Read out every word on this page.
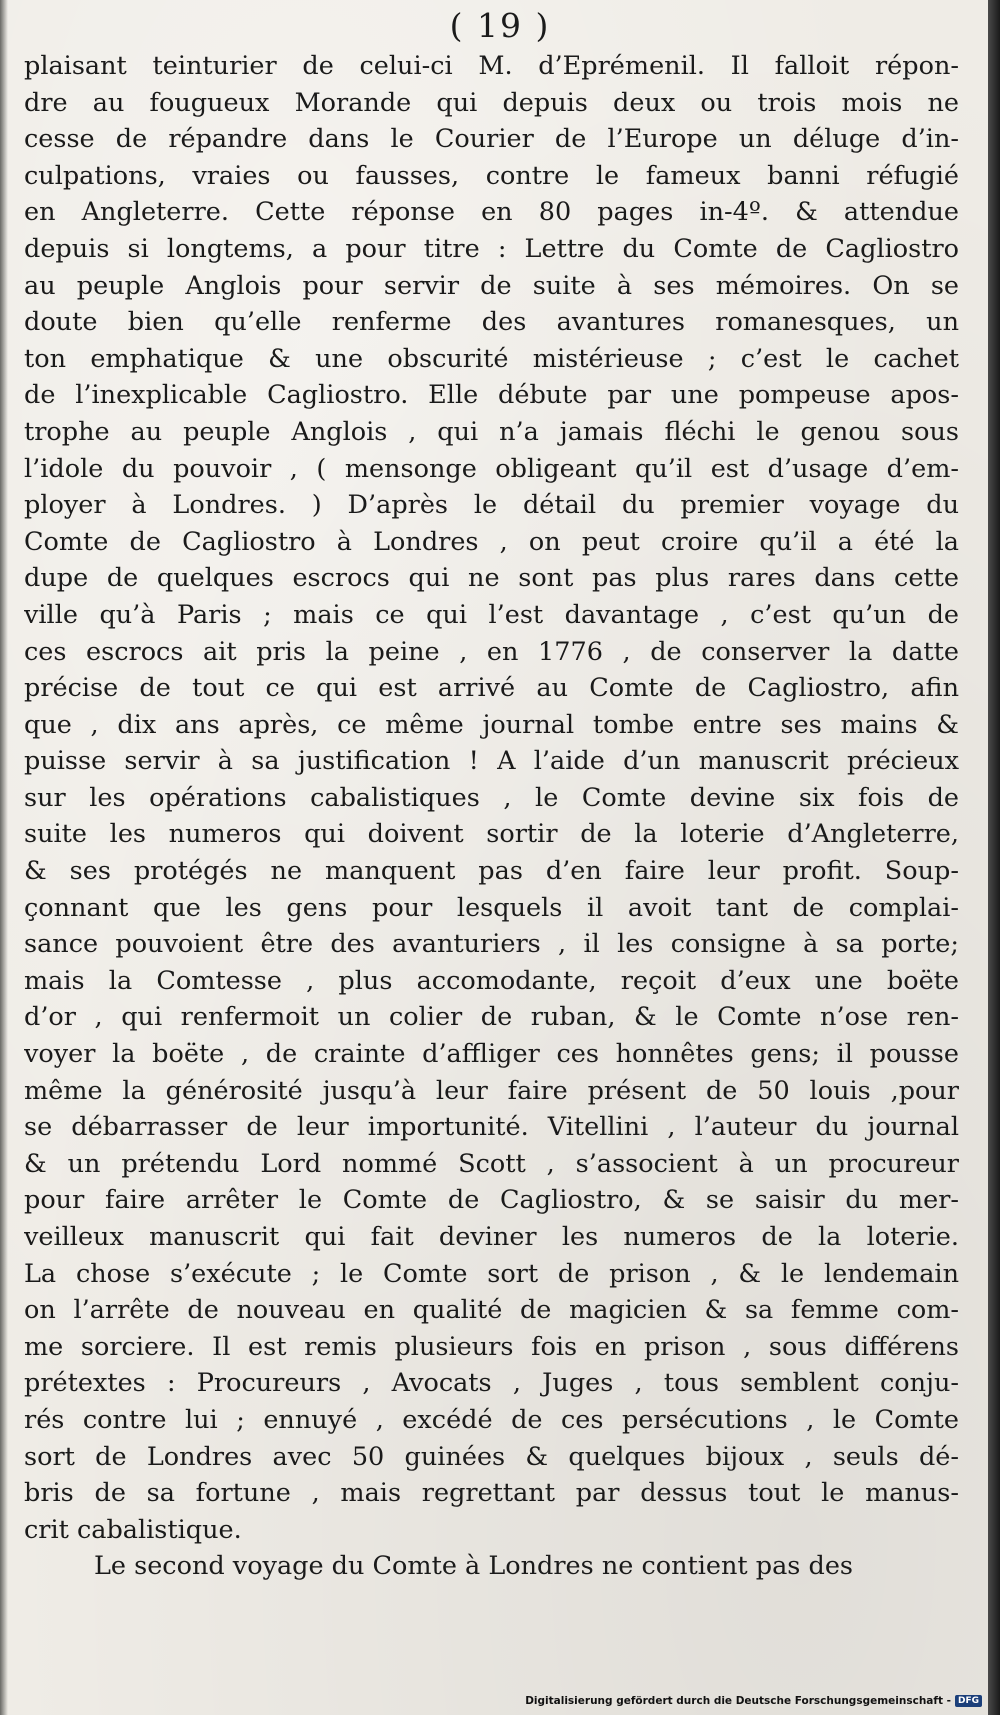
( 19 )
plaisant teinturier de celui-ci M. d’Eprémenil. Il falloit répon-
dre au fougueux Morande qui depuis deux ou trois mois ne
cesse de répandre dans le Courier de l’Europe un déluge d’in-
culpations, vraies ou fausses, contre le fameux banni réfugié
en Angleterre. Cette réponse en 80 pages in-4º. & attendue
depuis si longtems, a pour titre : Lettre du Comte de Cagliostro
au peuple Anglois pour servir de suite à ses mémoires. On se
doute bien qu’elle renferme des avantures romanesques, un
ton emphatique & une obscurité mistérieuse ; c’est le cachet
de l’inexplicable Cagliostro. Elle débute par une pompeuse apos-
trophe au peuple Anglois , qui n’a jamais fléchi le genou sous
l’idole du pouvoir , ( mensonge obligeant qu’il est d’usage d’em-
ployer à Londres. ) D’après le détail du premier voyage du
Comte de Cagliostro à Londres , on peut croire qu’il a été la
dupe de quelques escrocs qui ne sont pas plus rares dans cette
ville qu’à Paris ; mais ce qui l’est davantage , c’est qu’un de
ces escrocs ait pris la peine , en 1776 , de conserver la datte
précise de tout ce qui est arrivé au Comte de Cagliostro, afin
que , dix ans après, ce même journal tombe entre ses mains &
puisse servir à sa justification ! A l’aide d’un manuscrit précieux
sur les opérations cabalistiques , le Comte devine six fois de
suite les numeros qui doivent sortir de la loterie d’Angleterre,
& ses protégés ne manquent pas d’en faire leur profit. Soup-
çonnant que les gens pour lesquels il avoit tant de complai-
sance pouvoient être des avanturiers , il les consigne à sa porte;
mais la Comtesse , plus accomodante, reçoit d’eux une boëte
d’or , qui renfermoit un colier de ruban, & le Comte n’ose ren-
voyer la boëte , de crainte d’affliger ces honnêtes gens; il pousse
même la générosité jusqu’à leur faire présent de 50 louis ,pour
se débarrasser de leur importunité. Vitellini , l’auteur du journal
& un prétendu Lord nommé Scott , s’associent à un procureur
pour faire arrêter le Comte de Cagliostro, & se saisir du mer-
veilleux manuscrit qui fait deviner les numeros de la loterie.
La chose s’exécute ; le Comte sort de prison , & le lendemain
on l’arrête de nouveau en qualité de magicien & sa femme com-
me sorciere. Il est remis plusieurs fois en prison , sous différens
prétextes : Procureurs , Avocats , Juges , tous semblent conju-
rés contre lui ; ennuyé , excédé de ces persécutions , le Comte
sort de Londres avec 50 guinées & quelques bijoux , seuls dé-
bris de sa fortune , mais regrettant par dessus tout le manus-
crit cabalistique.
Le second voyage du Comte à Londres ne contient pas des
Digitalisierung gefördert durch die Deutsche Forschungsgemeinschaft - DFG
